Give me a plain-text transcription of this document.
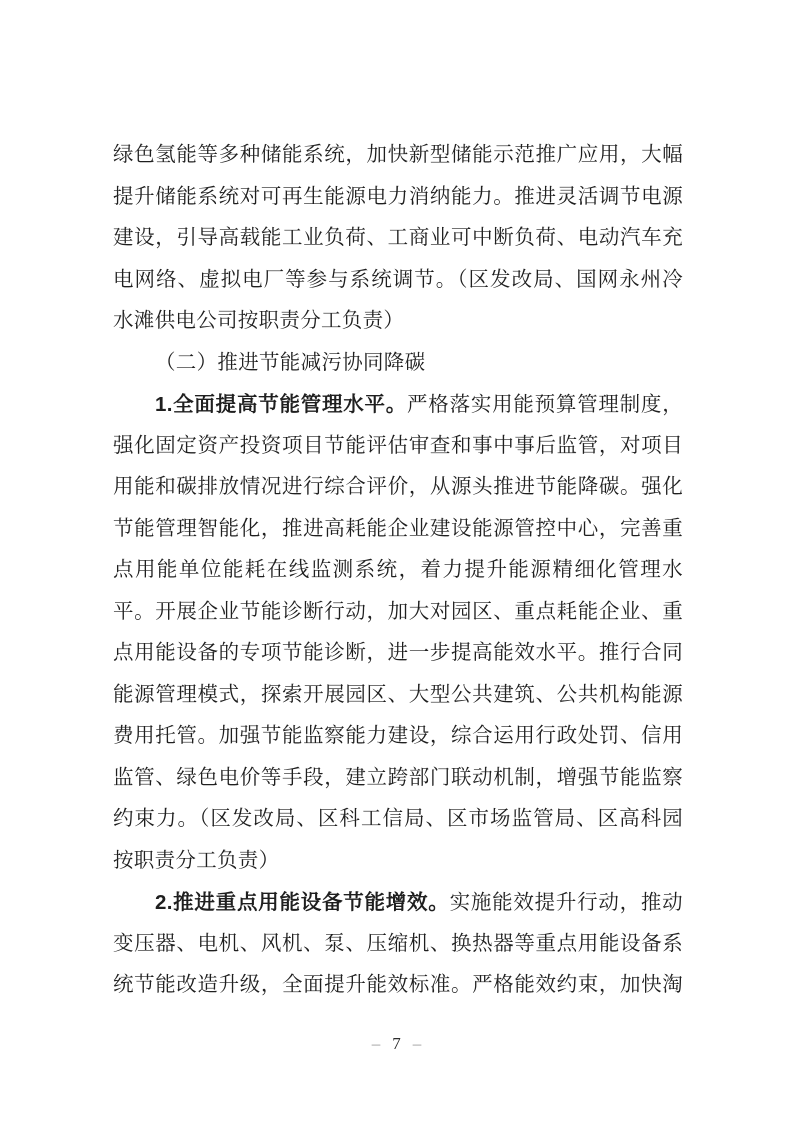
绿色氢能等多种储能系统，加快新型储能示范推广应用，大幅
提升储能系统对可再生能源电力消纳能力。推进灵活调节电源
建设，引导高载能工业负荷、工商业可中断负荷、电动汽车充
电网络、虚拟电厂等参与系统调节。（区发改局、国网永州冷
水滩供电公司按职责分工负责）
（二）推进节能减污协同降碳
1.全面提高节能管理水平。严格落实用能预算管理制度，
强化固定资产投资项目节能评估审查和事中事后监管，对项目
用能和碳排放情况进行综合评价，从源头推进节能降碳。强化
节能管理智能化，推进高耗能企业建设能源管控中心，完善重
点用能单位能耗在线监测系统，着力提升能源精细化管理水
平。开展企业节能诊断行动，加大对园区、重点耗能企业、重
点用能设备的专项节能诊断，进一步提高能效水平。推行合同
能源管理模式，探索开展园区、大型公共建筑、公共机构能源
费用托管。加强节能监察能力建设，综合运用行政处罚、信用
监管、绿色电价等手段，建立跨部门联动机制，增强节能监察
约束力。（区发改局、区科工信局、区市场监管局、区高科园
按职责分工负责）
2.推进重点用能设备节能增效。实施能效提升行动，推动
变压器、电机、风机、泵、压缩机、换热器等重点用能设备系
统节能改造升级，全面提升能效标准。严格能效约束，加快淘
– 7 –
